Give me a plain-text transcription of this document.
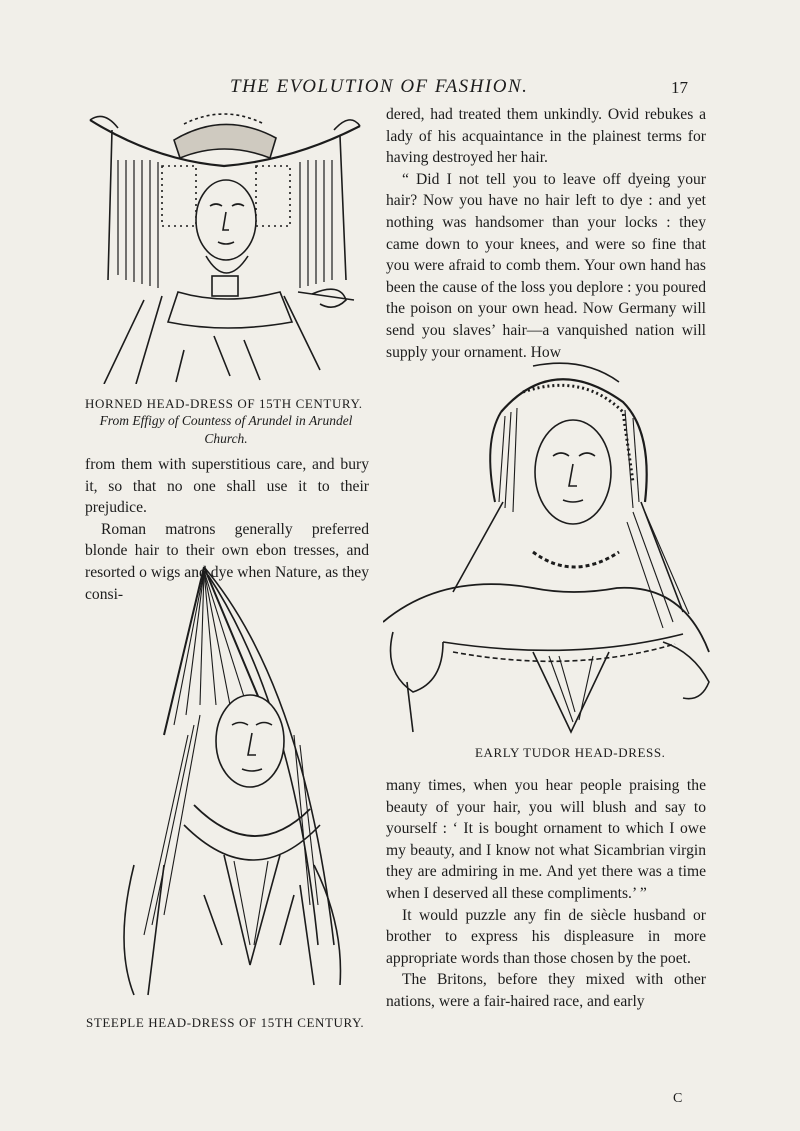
THE EVOLUTION OF FASHION.	17
HORNED HEAD-DRESS OF 15TH CENTURY.
From Effigy of Countess of Arundel in Arundel
Church.

dered, had treated them unkindly. Ovid rebukes a lady of his acquaintance in the plainest terms for having destroyed her hair.

“ Did I not tell you to leave off dyeing your hair? Now you have no hair left to dye : and yet nothing was handsomer than your locks : they came down to your knees, and were so fine that you were afraid to comb them. Your own hand has been the cause of the loss you deplore : you poured the poison on your own head. Now Germany will send you slaves’ hair—a vanquished nation will supply your ornament. How

from them with superstitious care, and bury it, so that no one shall use it to their prejudice.

Roman matrons generally preferred blonde hair to their own ebon tresses, and resorted o wigs and dye when Nature, as they consi-

EARLY TUDOR HEAD-DRESS.
STEEPLE HEAD-DRESS OF 15TH CENTURY.

many times, when you hear people praising the beauty of your hair, you will blush and say to yourself : ‘ It is bought ornament to which I owe my beauty, and I know not what Sicambrian virgin they are admiring in me. And yet there was a time when I deserved all these compliments.’ ”

It would puzzle any fin de siècle husband or brother to express his displeasure in more appropriate words than those chosen by the poet.

The Britons, before they mixed with other nations, were a fair-haired race, and early

C
